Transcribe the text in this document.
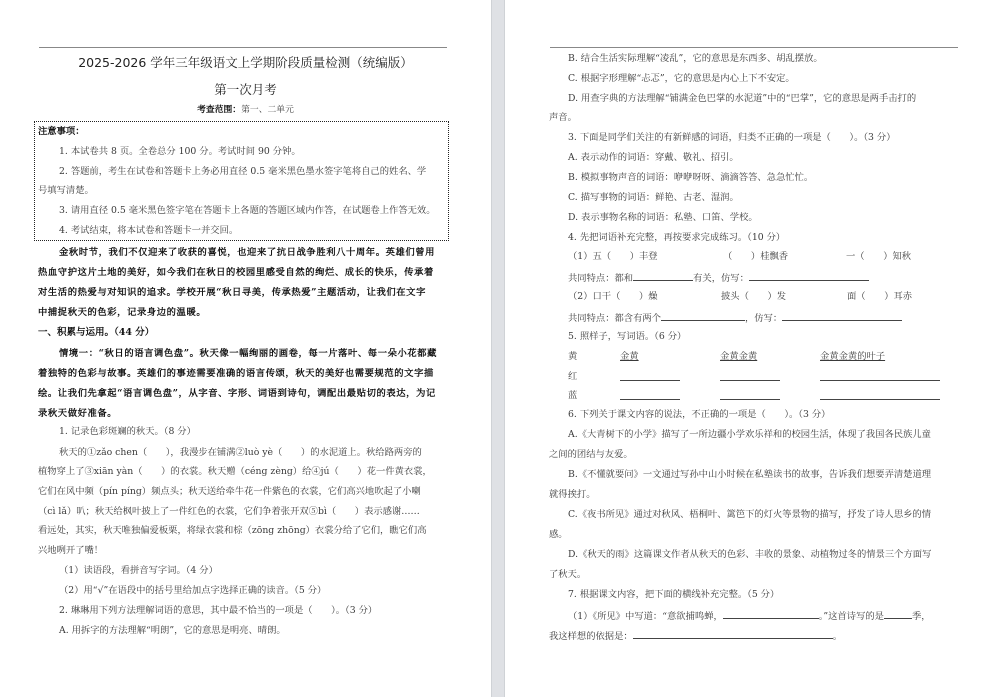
2025-2026 学年三年级语文上学期阶段质量检测（统编版）
第一次月考
考查范围：第一、二单元
注意事项：
1. 本试卷共 8 页。全卷总分 100 分。考试时间 90 分钟。
2. 答题前，考生在试卷和答题卡上务必用直径 0.5 毫米黑色墨水签字笔将自己的姓名、学
号填写清楚。
3. 请用直径 0.5 毫米黑色签字笔在答题卡上各题的答题区域内作答，在试题卷上作答无效。
4. 考试结束，将本试卷和答题卡一并交回。
金秋时节，我们不仅迎来了收获的喜悦，也迎来了抗日战争胜利八十周年。英雄们曾用
热血守护这片土地的美好，如今我们在秋日的校园里感受自然的绚烂、成长的快乐，传承着
对生活的热爱与对知识的追求。学校开展“秋日寻美，传承热爱”主题活动，让我们在文字
中捕捉秋天的色彩，记录身边的温暖。
一、积累与运用。（44 分）
情境一：“秋日的语言调色盘”。秋天像一幅绚丽的画卷，每一片落叶、每一朵小花都藏
着独特的色彩与故事。英雄们的事迹需要准确的语言传颂，秋天的美好也需要规范的文字描
绘。让我们先拿起“语言调色盘”，从字音、字形、词语到诗句，调配出最贴切的表达，为记
录秋天做好准备。
1. 记录色彩斑斓的秋天。（8 分）
秋天的①zǎo chen（　　），我漫步在铺满②luò yè（　　）的水泥道上。秋给路两旁的
植物穿上了③xiān yàn（　　）的衣裳。秋天赠（céng zèng）给④jú（　　）花一件黄衣裳，
它们在风中频（pín píng）频点头；秋天送给牵牛花一件紫色的衣裳，它们高兴地吹起了小喇
（cì lǎ）叭；秋天给枫叶披上了一件红色的衣裳，它们争着张开双⑤bì（　　）表示感谢……
看远处，其实，秋天唯独偏爱板栗，将绿衣裳和棕（zōng zhōng）衣裳分给了它们，瞧它们高
兴地咧开了嘴！
（1）读语段，看拼音写字词。（4 分）
（2）用“√”在语段中的括号里给加点字选择正确的读音。（5 分）
2. 琳琳用下列方法理解词语的意思，其中最不恰当的一项是（　　）。（3 分）
A. 用拆字的方法理解“明朗”，它的意思是明亮、晴朗。
B. 结合生活实际理解“凌乱”，它的意思是东西多、胡乱摆放。
C. 根据字形理解“忐忑”，它的意思是内心上下不安定。
D. 用查字典的方法理解“铺满金色巴掌的水泥道”中的“巴掌”，它的意思是两手击打的
声音。
3. 下面是同学们关注的有新鲜感的词语，归类不正确的一项是（　　）。（3 分）
A. 表示动作的词语：穿戴、敬礼、招引。
B. 模拟事物声音的词语：咿咿呀呀、滴滴答答、急急忙忙。
C. 描写事物的词语：鲜艳、古老、湿润。
D. 表示事物名称的词语：私塾、口笛、学校。
4. 先把词语补充完整，再按要求完成练习。（10 分）
（1）五（　　）丰登	（　　）桂飘香	一（　　）知秋
共同特点：都和	有关，仿写：
（2）口干（　　）燥	披头（　　）发	面（　　）耳赤
共同特点：都含有两个	，仿写：
5. 照样子，写词语。（6 分）
黄	金黄	金黄金黄	金黄金黄的叶子
红
蓝
6. 下列关于课文内容的说法，不正确的一项是（　　）。（3 分）
A.《大青树下的小学》描写了一所边疆小学欢乐祥和的校园生活，体现了我国各民族儿童
之间的团结与友爱。
B.《不懂就要问》一文通过写孙中山小时候在私塾读书的故事，告诉我们想要弄清楚道理
就得挨打。
C.《夜书所见》通过对秋风、梧桐叶、篱笆下的灯火等景物的描写，抒发了诗人思乡的情
感。
D.《秋天的雨》这篇课文作者从秋天的色彩、丰收的景象、动植物过冬的情景三个方面写
了秋天。
7. 根据课文内容，把下面的横线补充完整。（5 分）
（1）《所见》中写道：“意欲捕鸣蝉，	。”这首诗写的是	季，
我这样想的依据是：	。
